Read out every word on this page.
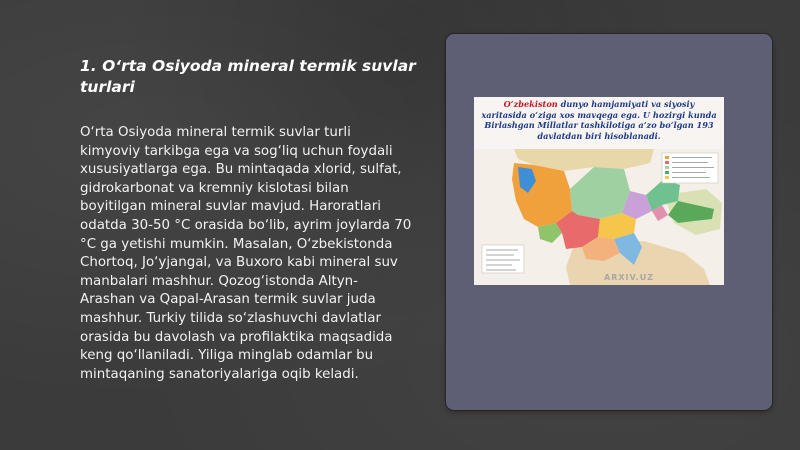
1. O‘rta Osiyoda mineral termik suvlar turlari

O‘rta Osiyoda mineral termik suvlar turli kimyoviy tarkibga ega va sog‘liq uchun foydali xususiyatlarga ega. Bu mintaqada xlorid, sulfat, gidrokarbonat va kremniy kislotasi bilan boyitilgan mineral suvlar mavjud. Haroratlari odatda 30-50 °C orasida bo‘lib, ayrim joylarda 70 °C ga yetishi mumkin. Masalan, O‘zbekistonda Chortoq, Jo‘yjangal, va Buxoro kabi mineral suv manbalari mashhur. Qozog‘istonda Altyn-Arashan va Qapal-Arasan termik suvlar juda mashhur. Turkiy tilida so‘zlashuvchi davlatlar orasida bu davolash va profilaktika maqsadida keng qo‘llaniladi. Yiliga minglab odamlar bu mintaqaning sanatoriyalariga oqib keladi.

O‘zbekiston dunyo hamjamiyati va siyosiy xaritasida o‘ziga xos mavqega ega. U hozirgi kunda Birlashgan Millatlar tashkilotiga a’zo bo‘lgan 193 davlatdan biri hisoblanadi.

ARXIV.UZ
